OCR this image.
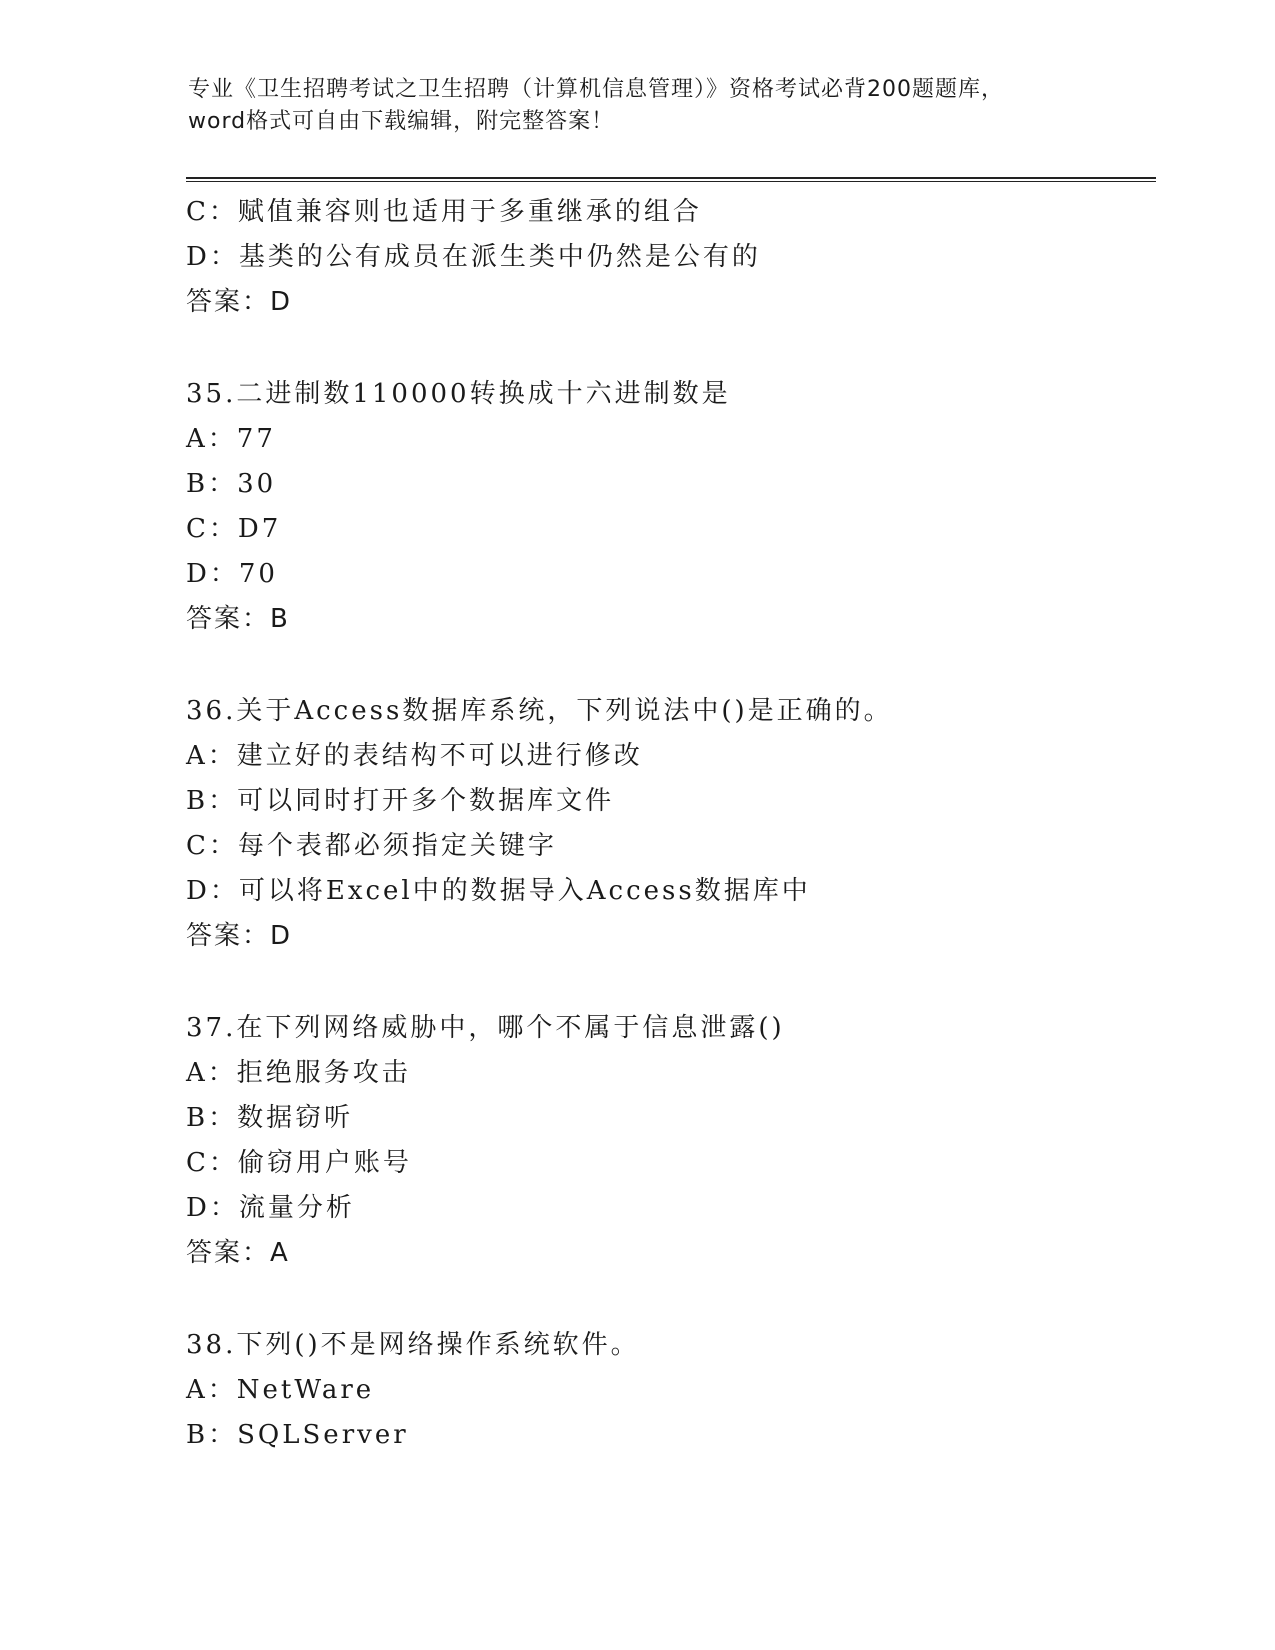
专业《卫生招聘考试之卫生招聘（计算机信息管理）》资格考试必背200题题库，
word格式可自由下载编辑，附完整答案！
C：赋值兼容则也适用于多重继承的组合
D：基类的公有成员在派生类中仍然是公有的
答案：D
35.二进制数110000转换成十六进制数是
A：77
B：30
C：D7
D：70
答案：B
36.关于Access数据库系统，下列说法中()是正确的。
A：建立好的表结构不可以进行修改
B：可以同时打开多个数据库文件
C：每个表都必须指定关键字
D：可以将Excel中的数据导入Access数据库中
答案：D
37.在下列网络威胁中，哪个不属于信息泄露()
A：拒绝服务攻击
B：数据窃听
C：偷窃用户账号
D：流量分析
答案：A
38.下列()不是网络操作系统软件。
A：NetWare
B：SQLServer
